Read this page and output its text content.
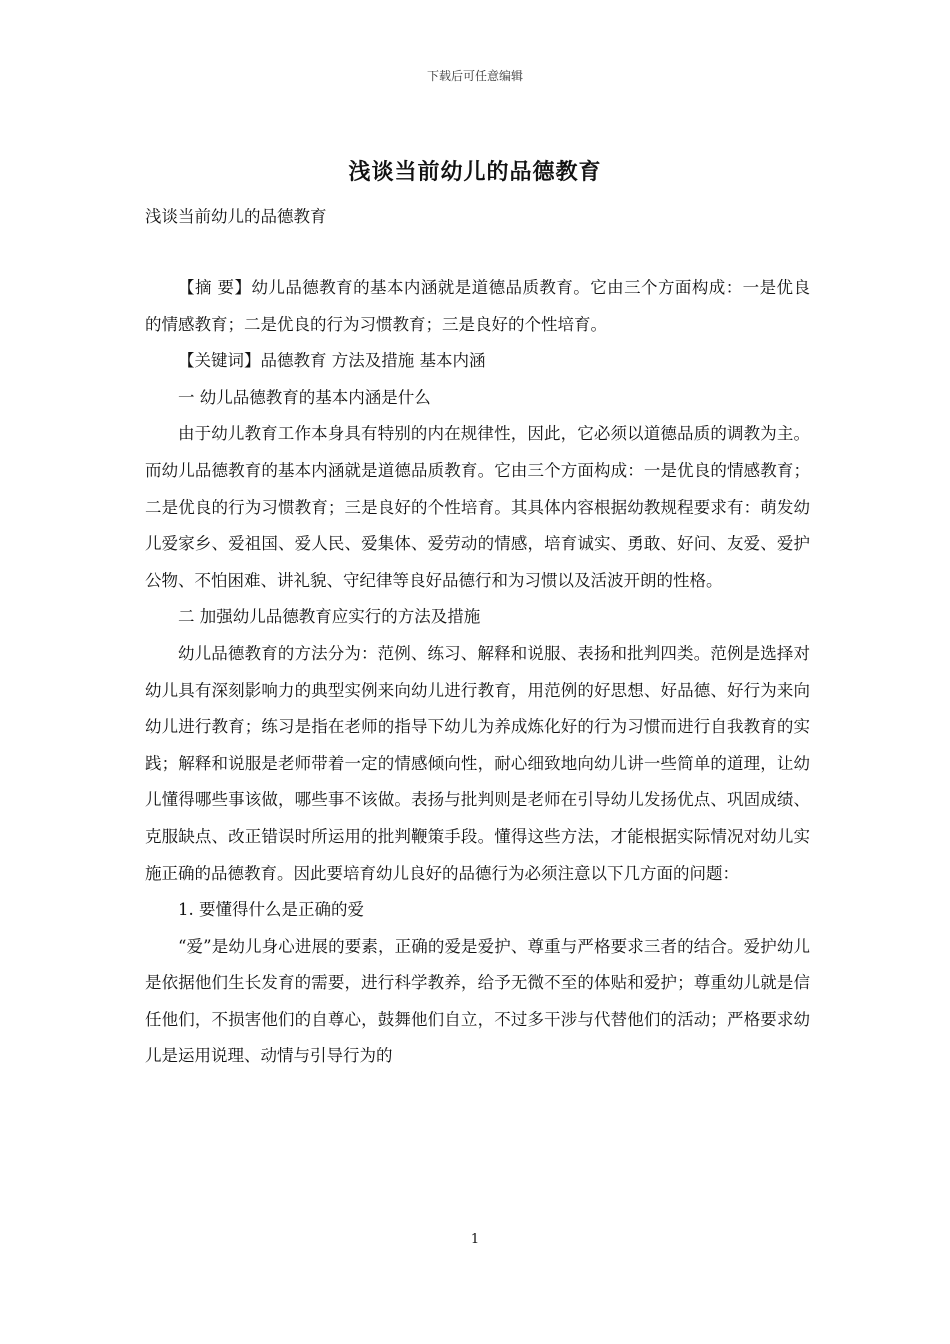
下载后可任意编辑
浅谈当前幼儿的品德教育
浅谈当前幼儿的品德教育

【摘 要】幼儿品德教育的基本内涵就是道德品质教育。它由三个方面构成：一是优良的情感教育；二是优良的行为习惯教育；三是良好的个性培育。

【关键词】品德教育 方法及措施 基本内涵

一 幼儿品德教育的基本内涵是什么

由于幼儿教育工作本身具有特别的内在规律性，因此，它必须以道德品质的调教为主。而幼儿品德教育的基本内涵就是道德品质教育。它由三个方面构成：一是优良的情感教育；二是优良的行为习惯教育；三是良好的个性培育。其具体内容根据幼教规程要求有：萌发幼儿爱家乡、爱祖国、爱人民、爱集体、爱劳动的情感，培育诚实、勇敢、好问、友爱、爱护公物、不怕困难、讲礼貌、守纪律等良好品德行和为习惯以及活波开朗的性格。

二 加强幼儿品德教育应实行的方法及措施

幼儿品德教育的方法分为：范例、练习、解释和说服、表扬和批判四类。范例是选择对幼儿具有深刻影响力的典型实例来向幼儿进行教育，用范例的好思想、好品德、好行为来向幼儿进行教育；练习是指在老师的指导下幼儿为养成炼化好的行为习惯而进行自我教育的实践；解释和说服是老师带着一定的情感倾向性，耐心细致地向幼儿讲一些简单的道理，让幼儿懂得哪些事该做，哪些事不该做。表扬与批判则是老师在引导幼儿发扬优点、巩固成绩、克服缺点、改正错误时所运用的批判鞭策手段。懂得这些方法，才能根据实际情况对幼儿实施正确的品德教育。因此要培育幼儿良好的品德行为必须注意以下几方面的问题：

1. 要懂得什么是正确的爱

“爱”是幼儿身心进展的要素，正确的爱是爱护、尊重与严格要求三者的结合。爱护幼儿是依据他们生长发育的需要，进行科学教养，给予无微不至的体贴和爱护；尊重幼儿就是信任他们，不损害他们的自尊心，鼓舞他们自立，不过多干涉与代替他们的活动；严格要求幼儿是运用说理、动情与引导行为的

1
